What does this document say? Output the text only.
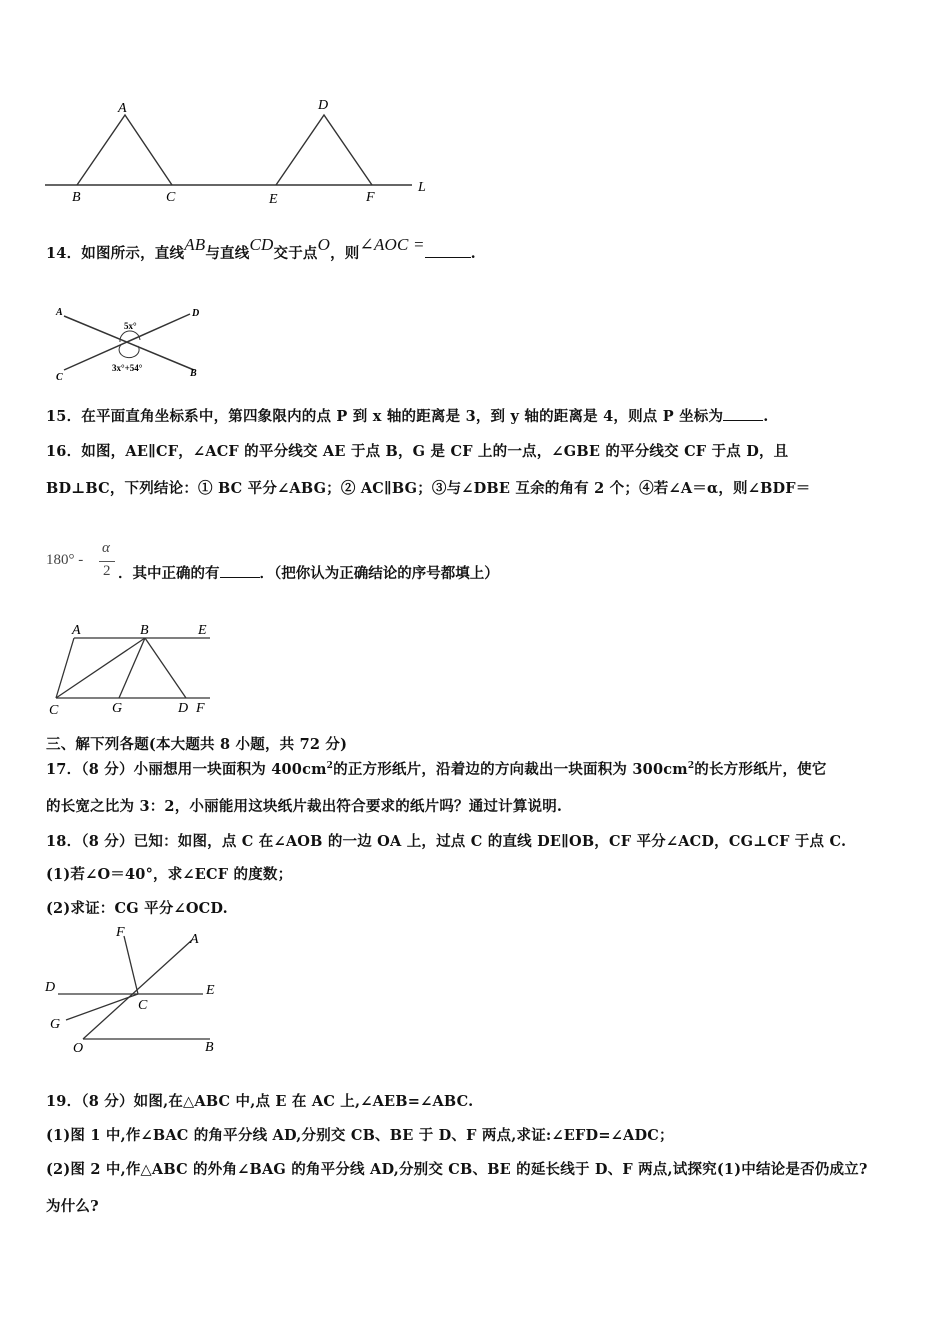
A
B	C
D
E	F
L
14．如图所示，直线AB与直线CD交于点O，则∠AOC =	.
A	D
C	B
5x°
3x°+54°
15．在平面直角坐标系中，第四象限内的点 P 到 x 轴的距离是 3，到 y 轴的距离是 4，则点 P 坐标为	.
16．如图，AE∥CF，∠ACF 的平分线交 AE 于点 B，G 是 CF 上的一点，∠GBE 的平分线交 CF 于点 D，且
BD⊥BC，下列结论：① BC 平分∠ABG；② AC∥BG；③与∠DBE 互余的角有 2 个；④若∠A＝α，则∠BDF＝
180° -
α
2 ．其中正确的有	．（把你认为正确结论的序号都填上）
A	B	E
C	G	D F
三、解下列各题(本大题共 8 小题，共 72 分)
17．（8 分）小丽想用一块面积为 $400cm^2$的正方形纸片，沿着边的方向裁出一块面积为 $300cm^2$的长方形纸片，使它
的长宽之比为 3：2，小丽能用这块纸片裁出符合要求的纸片吗？通过计算说明.
18．（8 分）已知：如图，点 C 在∠AOB 的一边 OA 上，过点 C 的直线 DE∥OB，CF 平分∠ACD，CG⊥CF 于点 C.
(1)若∠O＝40°，求∠ECF 的度数；
(2)求证：CG 平分∠OCD.
F	A
D
C
E
G
O	B
19．（8 分）如图,在△ABC 中,点 E 在 AC 上,∠AEB=∠ABC.
(1)图 1 中,作∠BAC 的角平分线 AD,分别交 CB、BE 于 D、F 两点,求证:∠EFD=∠ADC；
(2)图 2 中,作△ABC 的外角∠BAG 的角平分线 AD,分别交 CB、BE 的延长线于 D、F 两点,试探究(1)中结论是否仍成立?
为什么?
